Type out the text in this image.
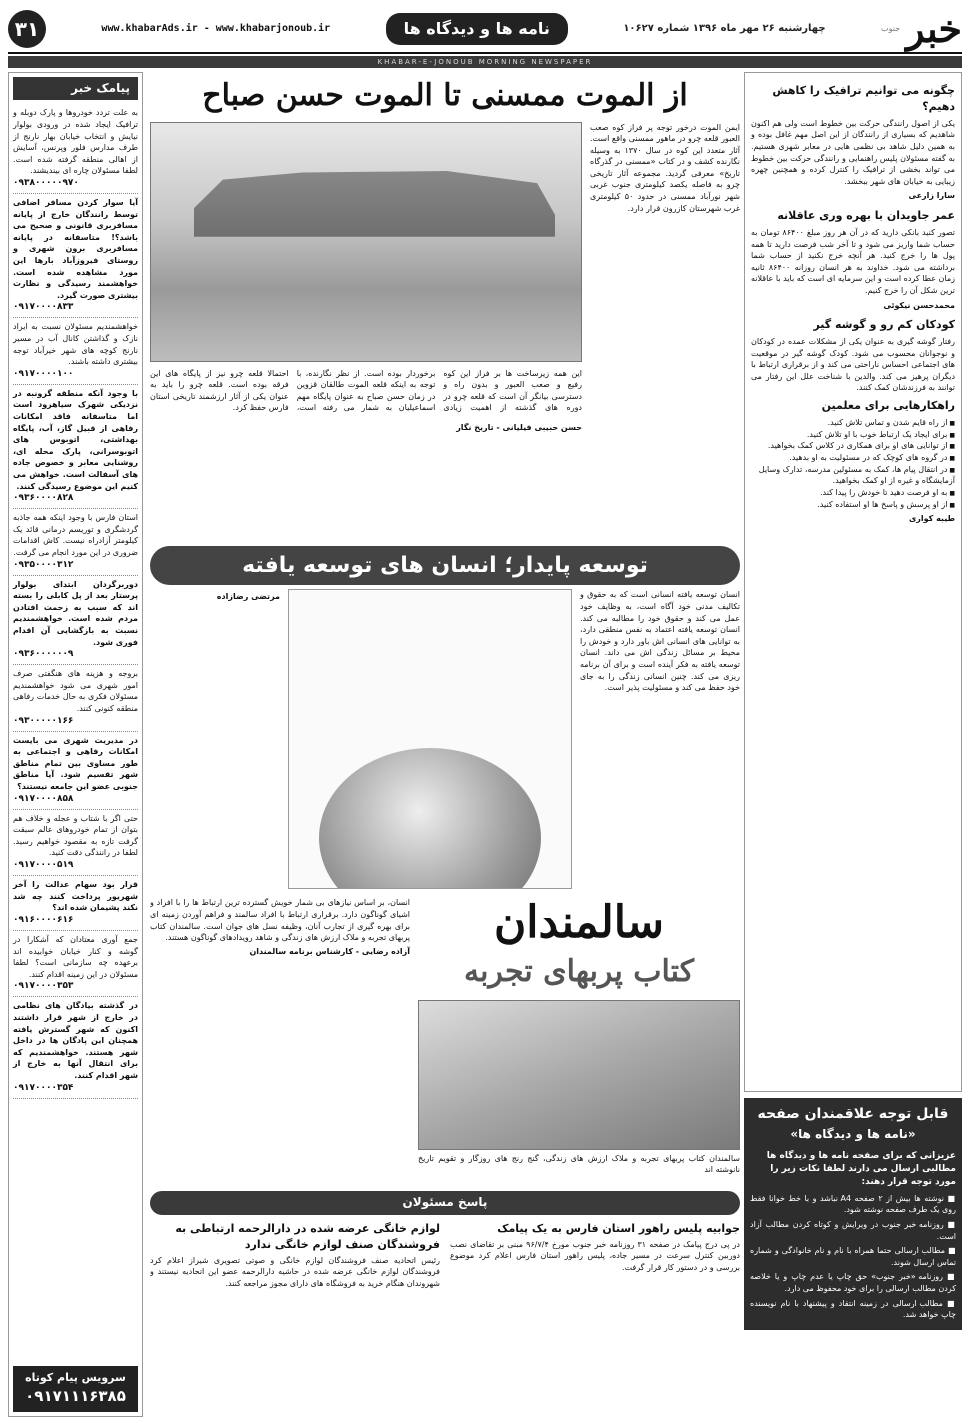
خبر
جنوب
چهارشنبه ۲۶ مهر ماه ۱۳۹۶ شماره ۱۰۶۲۷
نامه ها و دیدگاه ها
www.khabarAds.ir - www.khabarjonoub.ir
۳۱
KHABAR-E-JONOUB MORNING NEWSPAPER
چگونه می توانیم ترافیک را کاهش دهیم؟
یکی از اصول رانندگی حرکت بین خطوط است ولی هم اکنون شاهدیم که بسیاری از رانندگان از این اصل مهم غافل بوده و به همین دلیل شاهد بی نظمی هایی در معابر شهری هستیم. به گفته مسئولان پلیس راهنمایی و رانندگی حرکت بین خطوط می تواند بخشی از ترافیک را کنترل کرده و همچنین چهره زیبایی به خیابان های شهر ببخشد.
سارا زارعی
عمر جاویدان با بهره وری عاقلانه
تصور کنید بانکی دارید که در آن هر روز مبلغ ۸۶۴۰۰ تومان به حساب شما واریز می شود و تا آخر شب فرصت دارید تا همه پول ها را خرج کنید. هر آنچه خرج نکنید از حساب شما برداشته می شود. خداوند به هر انسان روزانه ۸۶۴۰۰ ثانیه زمان عطا کرده است و این سرمایه ای است که باید با عاقلانه ترین شکل آن را خرج کنیم.
محمدحسن نیکوئی
کودکان کم رو و گوشه گیر
رفتار گوشه گیری به عنوان یکی از مشکلات عمده در کودکان و نوجوانان محسوب می شود. کودک گوشه گیر در موقعیت های اجتماعی احساس ناراحتی می کند و از برقراری ارتباط با دیگران پرهیز می کند. والدین با شناخت علل این رفتار می توانند به فرزندشان کمک کنند.
راهکارهایی برای معلمین
■ از راه قایم شدن و تماس تلاش کنید.
■ برای ایجاد یک ارتباط خوب با او تلاش کنید.
■ از توانایی های او برای همکاری در کلاس کمک بخواهید.
■ در گروه های کوچک که در مسئولیت به او بدهید.
■ در انتقال پیام ها، کمک به مسئولین مدرسه، تدارک وسایل آزمایشگاه و غیره از او کمک بخواهید.
■ به او فرصت دهید تا خودش را پیدا کند.
■ از او پرسش و پاسخ ها او استفاده کنید.
طیبه کواری
قابل توجه علاقمندان صفحه
«نامه ها و دیدگاه ها»
عزیزانی که برای صفحه نامه ها و دیدگاه ها مطالبی ارسال می دارند لطفا نکات زیر را مورد توجه قرار دهند:
■ نوشته ها بیش از ۲ صفحه A4 نباشد و با خط خوانا فقط روی یک طرف صفحه نوشته شود.
■ روزنامه خبر جنوب در ویرایش و کوتاه کردن مطالب آزاد است.
■ مطالب ارسالی حتما همراه با نام و نام خانوادگی و شماره تماس ارسال شوند.
■ روزنامه «خبر جنوب» حق چاپ یا عدم چاپ و یا خلاصه کردن مطالب ارسالی را برای خود محفوظ می دارد.
■ مطالب ارسالی در زمینه انتقاد و پیشنهاد با نام نویسنده چاپ خواهد شد.
از الموت ممسنی تا الموت حسن صباح
ایمن الموت درخور توجه پر فراز کوه صعب العبور قلعه چرو در ماهور ممسنی واقع است. آثار متعدد این کوه در سال ۱۳۷۰ به وسیله نگارنده کشف و در کتاب «ممسنی در گذرگاه تاریخ» معرفی گردید. مجموعه آثار تاریخی چرو به فاصله یکصد کیلومتری جنوب غربی شهر نورآباد ممسنی در حدود ۵۰ کیلومتری غرب شهرستان کازرون قرار دارد.
این همه زیرساخت ها بر فراز این کوه رفیع و صعب العبور و بدون راه و دسترسی بیانگر آن است که قلعه چرو در دوره های گذشته از اهمیت زیادی برخوردار بوده است. از نظر نگارنده، با توجه به اینکه قلعه الموت طالقان قزوین در زمان حسن صباح به عنوان پایگاه مهم اسماعیلیان به شمار می رفته است، احتمالا قلعه چرو نیز از پایگاه های این فرقه بوده است. قلعه چرو را باید به عنوان یکی از آثار ارزشمند تاریخی استان فارس حفظ کرد.
حسن حبیبی فیلیانی - تاریخ نگار
توسعه پایدار؛ انسان های توسعه یافته
انسان توسعه یافته انسانی است که به حقوق و تکالیف مدنی خود آگاه است، به وظایف خود عمل می کند و حقوق خود را مطالبه می کند. انسان توسعه یافته اعتماد به نفس منطقی دارد، به توانایی های انسانی اش باور دارد و خودش را محیط بر مسائل زندگی اش می داند. انسان توسعه یافته به فکر آینده است و برای آن برنامه ریزی می کند. چنین انسانی زندگی را به جای خود حفظ می کند و مسئولیت پذیر است.
مرتضی رضازاده
سالمندان
کتاب پربهای تجربه
سالمندان کتاب پربهای تجربه و ملاک ارزش های زندگی، گنج رنج های روزگار و تقویم تاریخ نانوشته اند
انسان، بر اساس نیازهای بی شمار خویش گسترده ترین ارتباط ها را با افراد و اشیای گوناگون دارد. برقراری ارتباط با افراد سالمند و فراهم آوردن زمینه ای برای بهره گیری از تجارب آنان، وظیفه نسل های جوان است. سالمندان کتاب پربهای تجربه و ملاک ارزش های زندگی و شاهد رویدادهای گوناگون هستند.
آزاده رضایی - کارشناس برنامه سالمندان
پاسخ مسئولان
جوابیه پلیس راهور استان فارس به یک پیامک
در پی درج پیامک در صفحه ۳۱ روزنامه خبر جنوب مورخ ۹۶/۷/۴ مبنی بر تقاضای نصب دوربین کنترل سرعت در مسیر جاده، پلیس راهور استان فارس اعلام کرد موضوع بررسی و در دستور کار قرار گرفت.
لوازم خانگی عرضه شده در دارالرحمه ارتباطی به فروشندگان صنف لوازم خانگی ندارد
رئیس اتحادیه صنف فروشندگان لوازم خانگی و صوتی تصویری شیراز اعلام کرد فروشندگان لوازم خانگی عرضه شده در حاشیه دارالرحمه عضو این اتحادیه نیستند و شهروندان هنگام خرید به فروشگاه های دارای مجوز مراجعه کنند.
پیامک خبر
به علت تردد خودروها و پارک دوبله و ترافیک ایجاد شده در ورودی بولوار نیایش و انتخاب خیابان بهار نارنج از طرف مدارس فلور وپرنس، آسایش از اهالی منطقه گرفته شده است. لطفا مسئولان چاره ای بیندیشند.
۰۹۳۸۰۰۰۰۰۹۷۰
آیا سوار کردن مسافر اضافی توسط رانندگان خارج از پایانه مسافربری قانونی و صحیح می باشد؟! متاسفانه در پایانه مسافربری برون شهری و روستای فیروزآباد بارها این مورد مشاهده شده است. خواهشمند رسیدگی و نظارت بیشتری صورت گیرد.
۰۹۱۷۰۰۰۰۸۳۳
خواهشمندیم مسئولان نسبت به ایراد نازک و گذاشتن کانال آب در مسیر نارنج کوچه های شهر خیرآباد توجه بیشتری داشته باشند.
۰۹۱۷۰۰۰۰۱۰۰
با وجود آنکه منطقه گرونبه در نزدیکی شهرک سیاهرود است اما متاسفانه فاقد امکانات رفاهی از قبیل گاز، آب، پایگاه بهداشتی، اتوبوس های اتوبوسرانی، پارک محله ای، روشنایی معابر و خصوص جاده های آسفالت است. خواهش می کنیم این موضوع رسیدگی کنند.
۰۹۳۶۰۰۰۰۸۲۸
استان فارس با وجود اینکه همه جاذبه گردشگری و توریسم درمانی قائد یک کیلومتر آزادراه نیست. کاش اقدامات ضروری در این مورد انجام می گرفت.
۰۹۳۵۰۰۰۰۳۱۲
دوربرگردان ابتدای بولوار پرستار بعد از پل کابلی را بسته اند که سبب به زحمت افتادن مردم شده است. خواهشمندیم نسبت به بازگشایی آن اقدام فوری شود.
۰۹۳۶۰۰۰۰۰۰۹
بروجه و هزینه های هنگفتی صرف امور شهری می شود خواهشمندیم مسئولان فکری به حال خدمات رفاهی منطقه کنونی کنند.
۰۹۳۰۰۰۰۰۱۶۶
در مدیریت شهری می بایست امکانات رفاهی و اجتماعی به طور مساوی بین تمام مناطق شهر تقسیم شود. آیا مناطق جنوبی عضو این جامعه نیستند؟
۰۹۱۷۰۰۰۰۸۵۸
حتی اگر با شتاب و عجله و خلاف هم بتوان از تمام خودروهای عالم سبقت گرفت تازه به مقصود خواهیم رسید. لطفا در رانندگی دقت کنید.
۰۹۱۷۰۰۰۰۵۱۹
قرار بود سهام عدالت را آخر شهریور پرداخت کنند چه شد نکند پشیمان شده اند؟
۰۹۱۶۰۰۰۰۶۱۶
جمع آوری معتادان که آشکارا در گوشه و کنار خیابان خوابیده اند برعهده چه سازمانی است؟ لطفا مسئولان در این زمینه اقدام کنند.
۰۹۱۷۰۰۰۰۳۵۳
در گذشته بیادگان های نظامی در خارج از شهر قرار داشتند اکنون که شهر گسترش یافته همچنان این پادگان ها در داخل شهر هستند. خواهشمندیم که برای انتقال آنها به خارج از شهر اقدام کنند.
۰۹۱۷۰۰۰۰۳۵۴
سرویس پیام کوتاه
۰۹۱۷۱۱۱۶۳۸۵
